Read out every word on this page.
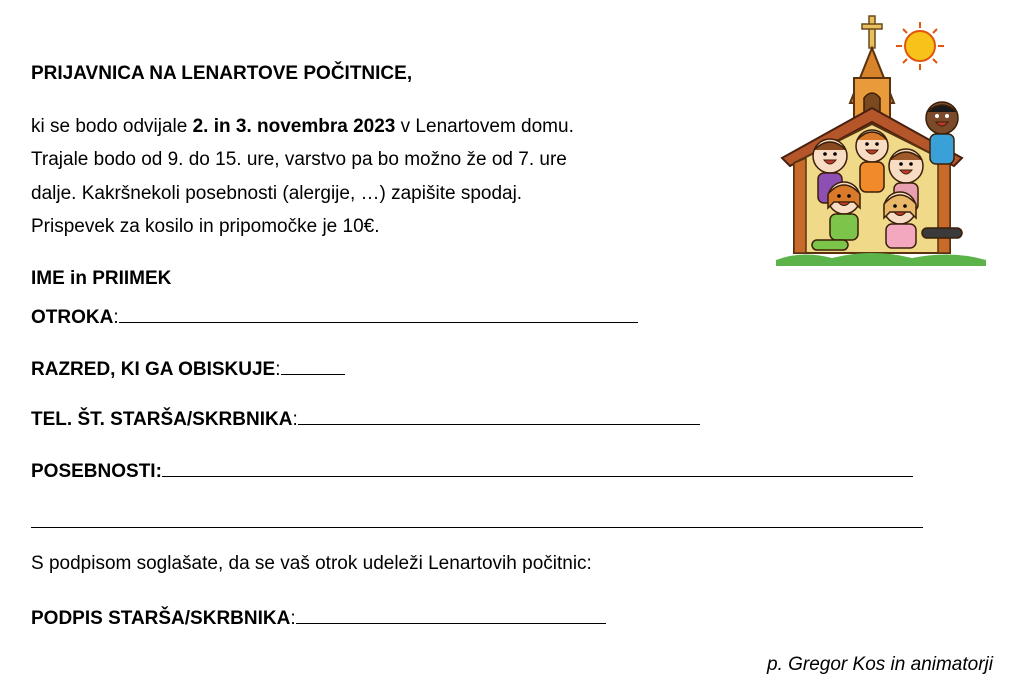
PRIJAVNICA NA LENARTOVE POČITNICE,
ki se bodo odvijale 2. in 3. novembra 2023 v Lenartovem domu.
Trajale bodo od 9. do 15. ure, varstvo pa bo možno že od 7. ure
dalje. Kakršnekoli posebnosti (alergije, …) zapišite spodaj.
Prispevek za kosilo in pripomočke je 10€.
IME in PRIIMEK
OTROKA:
RAZRED, KI GA OBISKUJE:
TEL. ŠT. STARŠA/SKRBNIKA:
POSEBNOSTI:
S podpisom soglašate, da se vaš otrok udeleži Lenartovih počitnic:
PODPIS STARŠA/SKRBNIKA:
p. Gregor Kos in animatorji
